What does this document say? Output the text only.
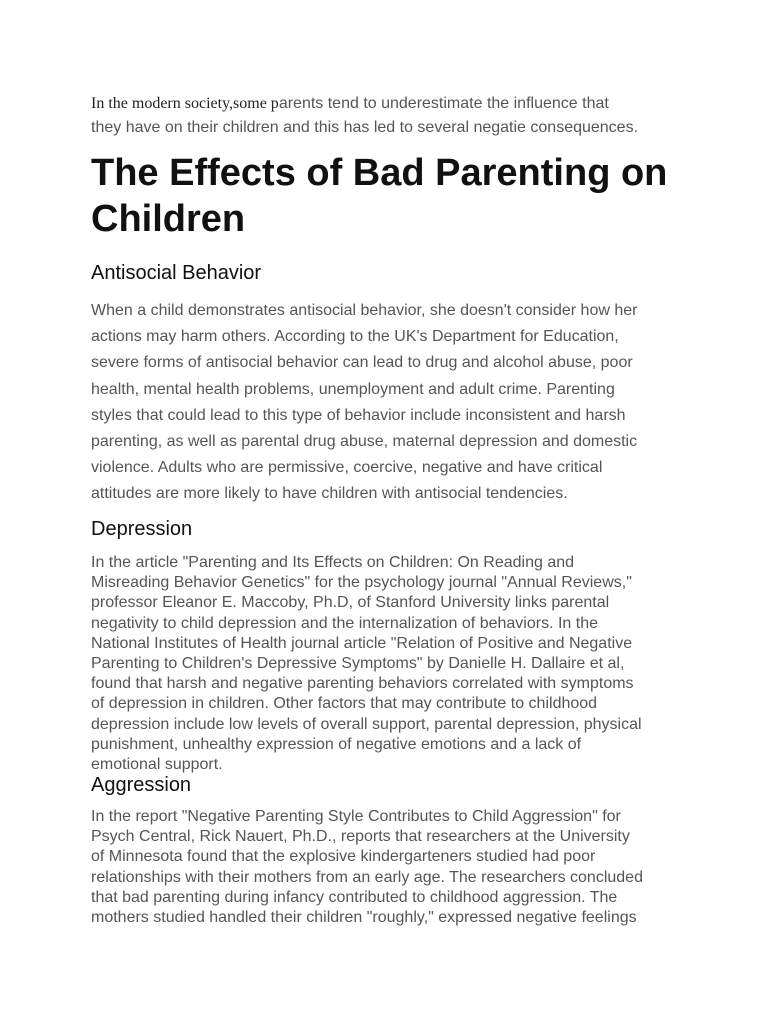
In the modern society,some parents tend to underestimate the influence that
they have on their children and this has led to several negatie consequences.
The Effects of Bad Parenting on
Children
Antisocial Behavior

When a child demonstrates antisocial behavior, she doesn't consider how her
actions may harm others. According to the UK's Department for Education,
severe forms of antisocial behavior can lead to drug and alcohol abuse, poor
health, mental health problems, unemployment and adult crime. Parenting
styles that could lead to this type of behavior include inconsistent and harsh
parenting, as well as parental drug abuse, maternal depression and domestic
violence. Adults who are permissive, coercive, negative and have critical
attitudes are more likely to have children with antisocial tendencies.

Depression

In the article "Parenting and Its Effects on Children: On Reading and
Misreading Behavior Genetics" for the psychology journal "Annual Reviews,"
professor Eleanor E. Maccoby, Ph.D, of Stanford University links parental
negativity to child depression and the internalization of behaviors. In the
National Institutes of Health journal article "Relation of Positive and Negative
Parenting to Children's Depressive Symptoms" by Danielle H. Dallaire et al,
found that harsh and negative parenting behaviors correlated with symptoms
of depression in children. Other factors that may contribute to childhood
depression include low levels of overall support, parental depression, physical
punishment, unhealthy expression of negative emotions and a lack of
emotional support.

Aggression

In the report "Negative Parenting Style Contributes to Child Aggression" for
Psych Central, Rick Nauert, Ph.D., reports that researchers at the University
of Minnesota found that the explosive kindergarteners studied had poor
relationships with their mothers from an early age. The researchers concluded
that bad parenting during infancy contributed to childhood aggression. The
mothers studied handled their children "roughly," expressed negative feelings
